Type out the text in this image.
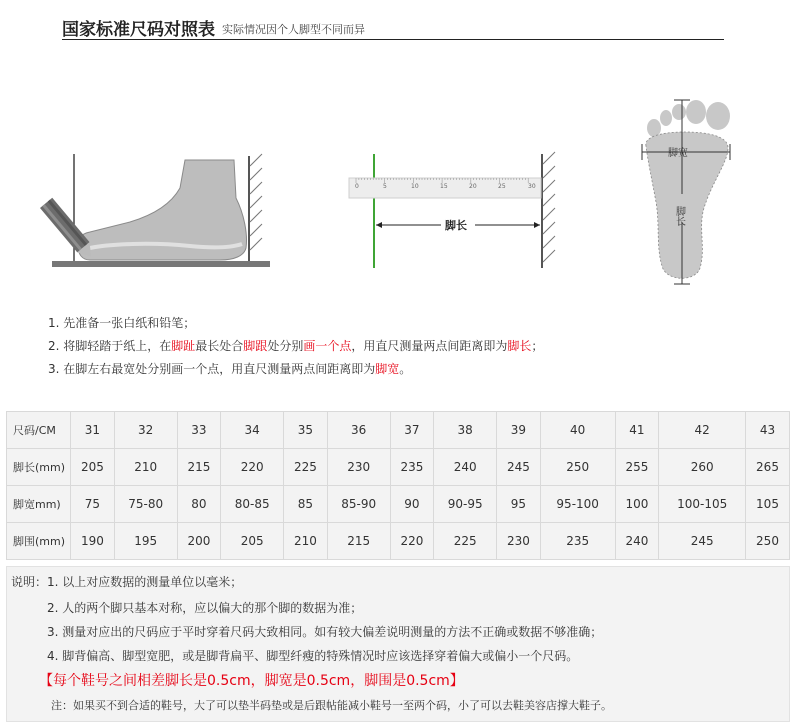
国家标准尺码对照表 实际情况因个人脚型不同而异
0	5	10	15	20	25	30
脚长
脚宽
脚长
1. 先准备一张白纸和铅笔；
2. 将脚轻踏于纸上，在脚趾最长处合脚跟处分别画一个点，用直尺测量两点间距离即为脚长；
3. 在脚左右最宽处分别画一个点，用直尺测量两点间距离即为脚宽。
尺码/CM	31	32	33	34	35	36	37	38	39	40	41	42	43
脚长(mm)	205	210	215	220	225	230	235	240	245	250	255	260	265
脚宽mm)	75	75-80	80	80-85	85	85-90	90	90-95	95	95-100	100	100-105	105
脚围(mm)	190	195	200	205	210	215	220	225	230	235	240	245	250
说明：1. 以上对应数据的测量单位以毫米；
2. 人的两个脚只基本对称，应以偏大的那个脚的数据为准；
3. 测量对应出的尺码应于平时穿着尺码大致相同。如有较大偏差说明测量的方法不正确或数据不够准确；
4. 脚背偏高、脚型宽肥，或是脚背扁平、脚型纤瘦的特殊情况时应该选择穿着偏大或偏小一个尺码。
【每个鞋号之间相差脚长是0.5cm，脚宽是0.5cm，脚围是0.5cm】
注：如果买不到合适的鞋号，大了可以垫半码垫或是后跟帖能减小鞋号一至两个码，小了可以去鞋美容店撑大鞋子。
